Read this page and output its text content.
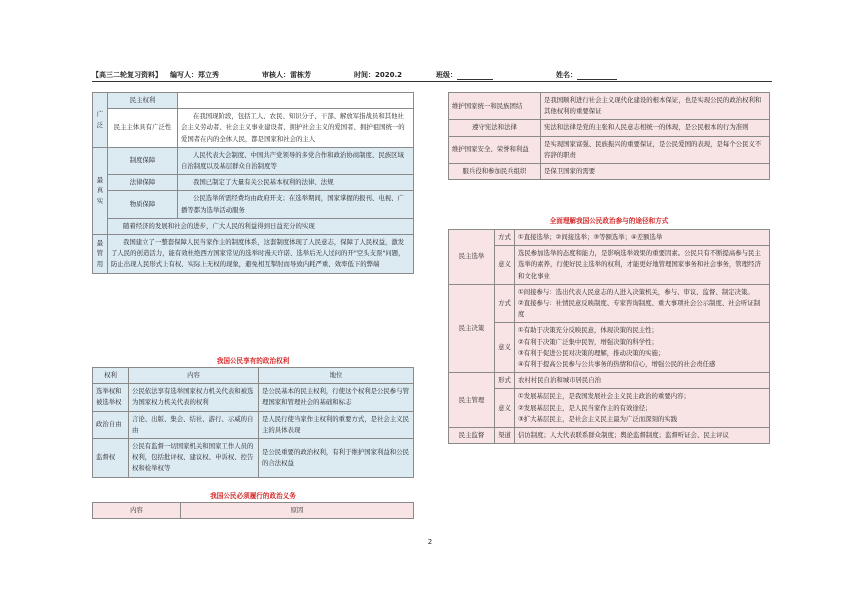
【高三二轮复习资料】	编写人：郑立秀	审核人：雷栋芳	时间：2020.2	班级：	姓名：
广泛	民主权利	
	民主主体具有广泛性	在我国现阶段，包括工人、农民、知识分子、干部、解放军指战员和其他社会主义劳动者、社会主义事业建设者、拥护社会主义的爱国者、拥护祖国统一的爱国者在内的全体人民，都是国家和社会的主人
最真实	制度保障	人民代表大会制度、中国共产党领导的多党合作和政治协商制度、民族区域自治制度以及基层群众自治制度等
	法律保障	我国已制定了大量有关公民基本权利的法律、法规
	物质保障	公民选举所需经费均由政府开支；在选举期间，国家掌握的报刊、电视、广播等都为选举活动服务
	随着经济的发展和社会的进步，广大人民的利益得到日益充分的实现	
最管用	我国建立了一整套保障人民当家作主的制度体系，这套制度体现了人民意志，保障了人民权益，激发了人民的创造活力，能有效杜绝西方国家常见的选举时漫天许诺、选举后无人过问的开"空头支票"问题，防止出现人民形式上有权、实际上无权的现象，避免相互掣肘而导致内耗严重、效率低下的弊端	
我国公民享有的政治权利
权利	内容	地位
选举权和被选举权	公民依法享有选举国家权力机关代表和被选为国家权力机关代表的权利	是公民基本的民主权利，行使这个权利是公民参与管理国家和管理社会的基础和标志
政治自由	言论、出版、集会、结社、游行、示威的自由	是人民行使当家作主权利的重要方式，是社会主义民主的具体表现
监督权	公民有监督一切国家机关和国家工作人员的权利，包括批评权、建议权、申诉权、控告权和检举权等	是公民重要的政治权利，有利于维护国家利益和公民的合法权益
我国公民必须履行的政治义务
内容	原因
维护国家统一和民族团结	是我国顺利进行社会主义现代化建设的根本保证，也是实现公民的政治权利和其他权利的重要保证
遵守宪法和法律	宪法和法律是党的主张和人民意志相统一的体现，是公民根本的行为准则
维护国家安全、荣誉和利益	是实现国家富强、民族振兴的重要保证，是公民爱国的表现，是每个公民义不容辞的职责
服兵役和参加民兵组织	是保卫国家的需要
全面理解我国公民政治参与的途径和方式
民主选举	方式	①直接选举；②间接选举；③等额选举；④差额选举
	意义	选民参加选举的态度和能力，是影响选举效果的重要因素。公民只有不断提高参与民主选举的素养，行使好民主选举的权利，才能更好地管理国家事务和社会事务，管理经济和文化事业
民主决策	方式	①间接参与：选出代表人民意志的人进入决策机关，参与、审议、监督、制定决策。
②直接参与：社情民意反映制度、专家咨询制度、重大事项社会公示制度、社会听证制度

	意义	①有助于决策充分反映民意，体现决策的民主性；
②有利于决策广泛集中民智，增强决策的科学性；
③有利于促进公民对决策的理解，推动决策的实施；
④有利于提高公民参与公共事务的热情和信心，增强公民的社会责任感

民主管理	形式	农村村民自治和城市居民自治
	意义	①发展基层民主，是我国发展社会主义民主政治的重要内容；
②发展基层民主，是人民当家作主的有效途径；
③扩大基层民主，是社会主义民主最为广泛而深刻的实践

民主监督	渠道	信访制度；人大代表联系群众制度；舆论监督制度；监督听证会、民主评议
2
